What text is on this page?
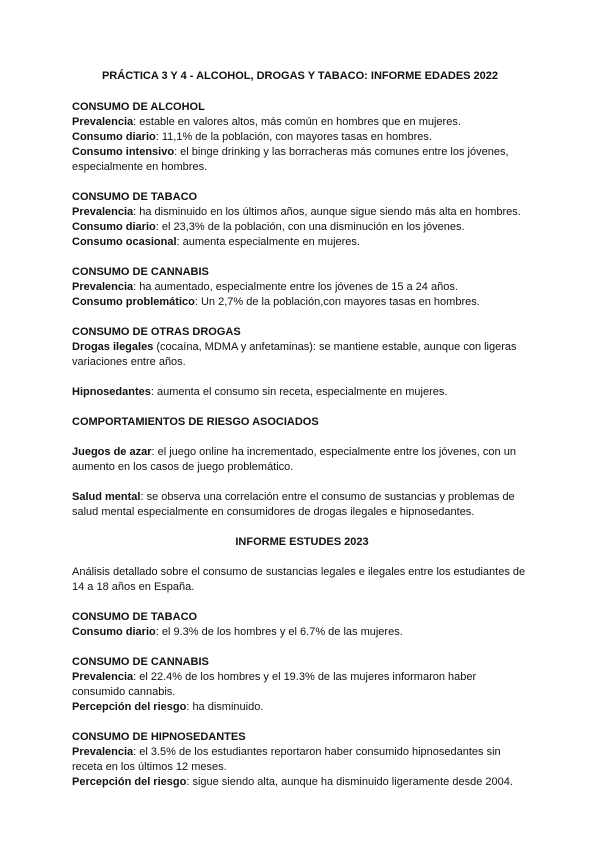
PRÁCTICA 3 Y 4 - ALCOHOL, DROGAS Y TABACO: INFORME EDADES 2022

CONSUMO DE ALCOHOL

Prevalencia: estable en valores altos, más común en hombres que en mujeres.

Consumo diario: 11,1% de la población, con mayores tasas en hombres.

Consumo intensivo: el binge drinking y las borracheras más comunes entre los jóvenes, especialmente en hombres.

CONSUMO DE TABACO

Prevalencia: ha disminuido en los últimos años, aunque sigue siendo más alta en hombres.

Consumo diario: el 23,3% de la población, con una disminución en los jóvenes.

Consumo ocasional: aumenta especialmente en mujeres.

CONSUMO DE CANNABIS

Prevalencia: ha aumentado, especialmente entre los jóvenes de 15 a 24 años.

Consumo problemático: Un 2,7% de la población,con mayores tasas en hombres.

CONSUMO DE OTRAS DROGAS

Drogas ilegales (cocaína, MDMA y anfetaminas): se mantiene estable, aunque con ligeras variaciones entre años.

Hipnosedantes: aumenta el consumo sin receta, especialmente en mujeres.

COMPORTAMIENTOS DE RIESGO ASOCIADOS

Juegos de azar: el juego online ha incrementado, especialmente entre los jóvenes, con un aumento en los casos de juego problemático.

Salud mental: se observa una correlación entre el consumo de sustancias y problemas de salud mental especialmente en consumidores de drogas ilegales e hipnosedantes.

INFORME ESTUDES 2023

Análisis detallado sobre el consumo de sustancias legales e ilegales entre los estudiantes de 14 a 18 años en España.

CONSUMO DE TABACO

Consumo diario: el 9.3% de los hombres y el 6.7% de las mujeres.

CONSUMO DE CANNABIS

Prevalencia: el 22.4% de los hombres y el 19.3% de las mujeres informaron haber consumido cannabis.

Percepción del riesgo: ha disminuido.

CONSUMO DE HIPNOSEDANTES

Prevalencia: el 3.5% de los estudiantes reportaron haber consumido hipnosedantes sin receta en los últimos 12 meses.

Percepción del riesgo: sigue siendo alta, aunque ha disminuido ligeramente desde 2004.
